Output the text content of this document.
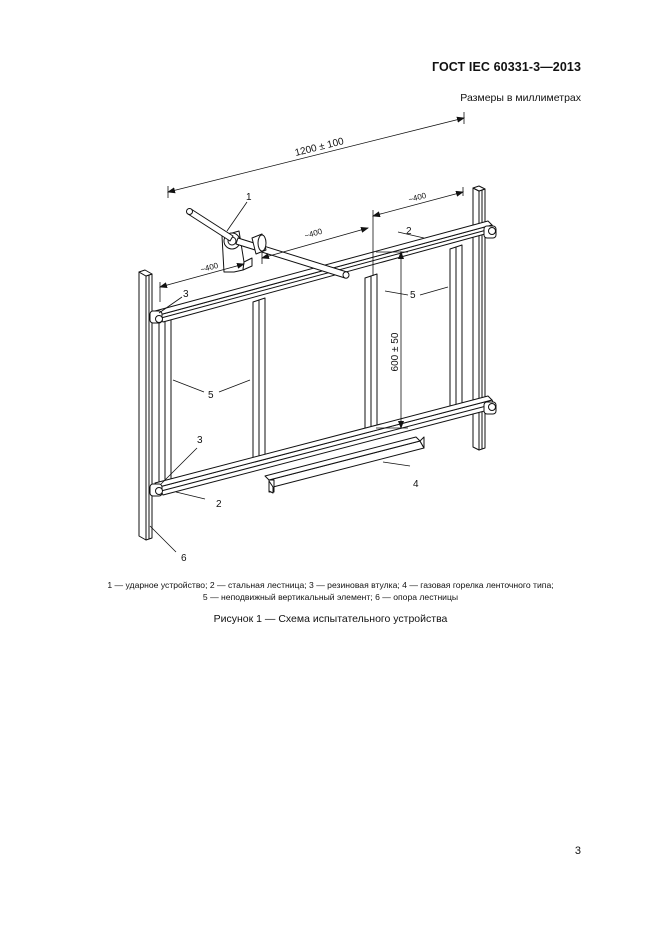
ГОСТ IEC 60331-3—2013
Размеры в миллиметрах
1200 ± 100
~400
~400
~400
600 ± 50
1
2
3
3
2
4
5
5
6
1 — ударное устройство; 2 — стальная лестница; 3 — резиновая втулка; 4 — газовая горелка ленточного типа;
5 — неподвижный вертикальный элемент; 6 — опора лестницы
Рисунок 1 — Схема испытательного устройства
3
